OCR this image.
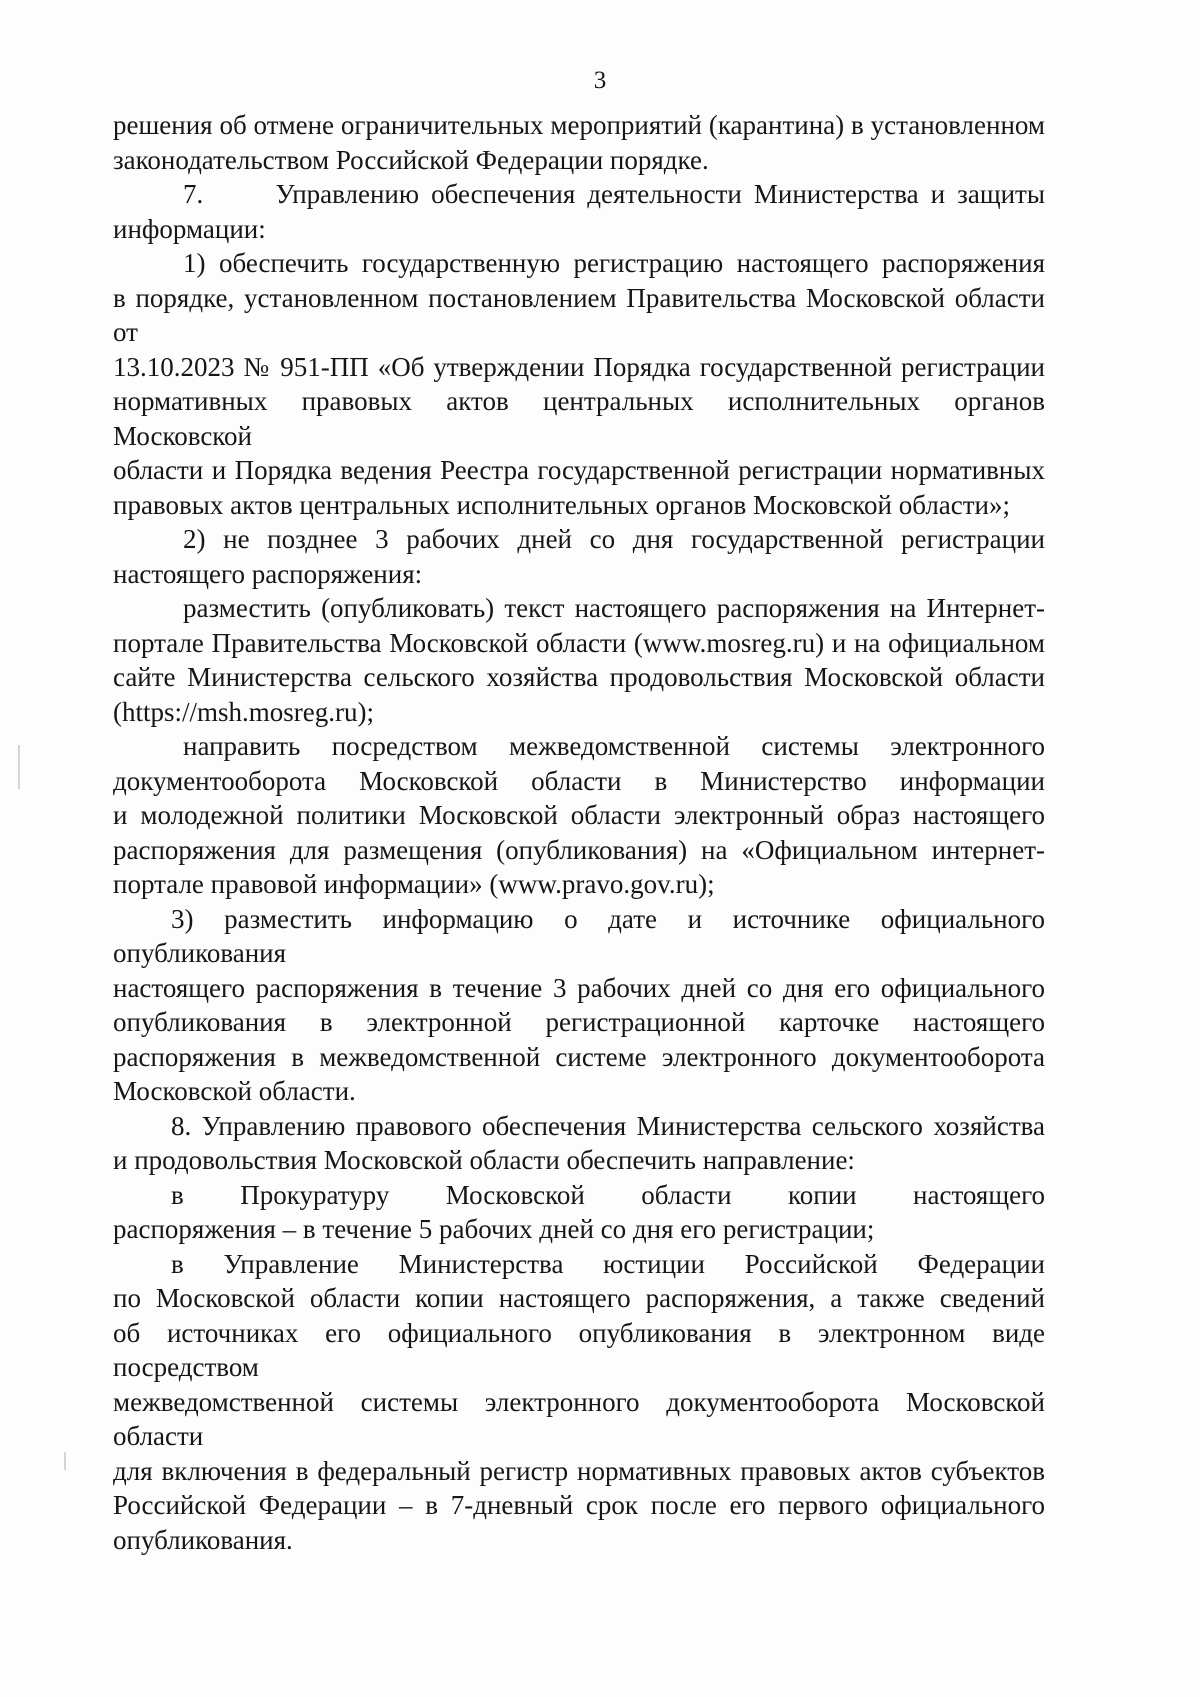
3

решения об отмене ограничительных мероприятий (карантина) в установленном
законодательством Российской Федерации порядке.

7.      Управлению обеспечения деятельности Министерства и защиты

информации:

1) обеспечить государственную регистрацию настоящего распоряжения
в порядке, установленном постановлением Правительства Московской области от
13.10.2023 № 951-ПП «Об утверждении Порядка государственной регистрации
нормативных правовых актов центральных исполнительных органов Московской
области и Порядка ведения Реестра государственной регистрации нормативных
правовых актов центральных исполнительных органов Московской области»;

2) не позднее 3 рабочих дней со дня государственной регистрации
настоящего распоряжения:

разместить (опубликовать) текст настоящего распоряжения на Интернет-
портале Правительства Московской области (www.mosreg.ru) и на официальном
сайте Министерства сельского хозяйства продовольствия Московской области
(https://msh.mosreg.ru);

направить посредством межведомственной системы электронного
документооборота Московской области в Министерство информации
и молодежной политики Московской области электронный образ настоящего
распоряжения для размещения (опубликования) на «Официальном интернет-
портале правовой информации» (www.pravo.gov.ru);

3) разместить информацию о дате и источнике официального опубликования
настоящего распоряжения в течение 3 рабочих дней со дня его официального
опубликования в электронной регистрационной карточке настоящего
распоряжения в межведомственной системе электронного документооборота
Московской области.

8. Управлению правового обеспечения Министерства сельского хозяйства
и продовольствия Московской области обеспечить направление:

в Прокуратуру Московской области копии настоящего
распоряжения – в течение 5 рабочих дней со дня его регистрации;

в Управление Министерства юстиции Российской Федерации
по Московской области копии настоящего распоряжения, а также сведений
об источниках его официального опубликования в электронном виде посредством
межведомственной системы электронного документооборота Московской области
для включения в федеральный регистр нормативных правовых актов субъектов
Российской Федерации – в 7-дневный срок после его первого официального
опубликования.
